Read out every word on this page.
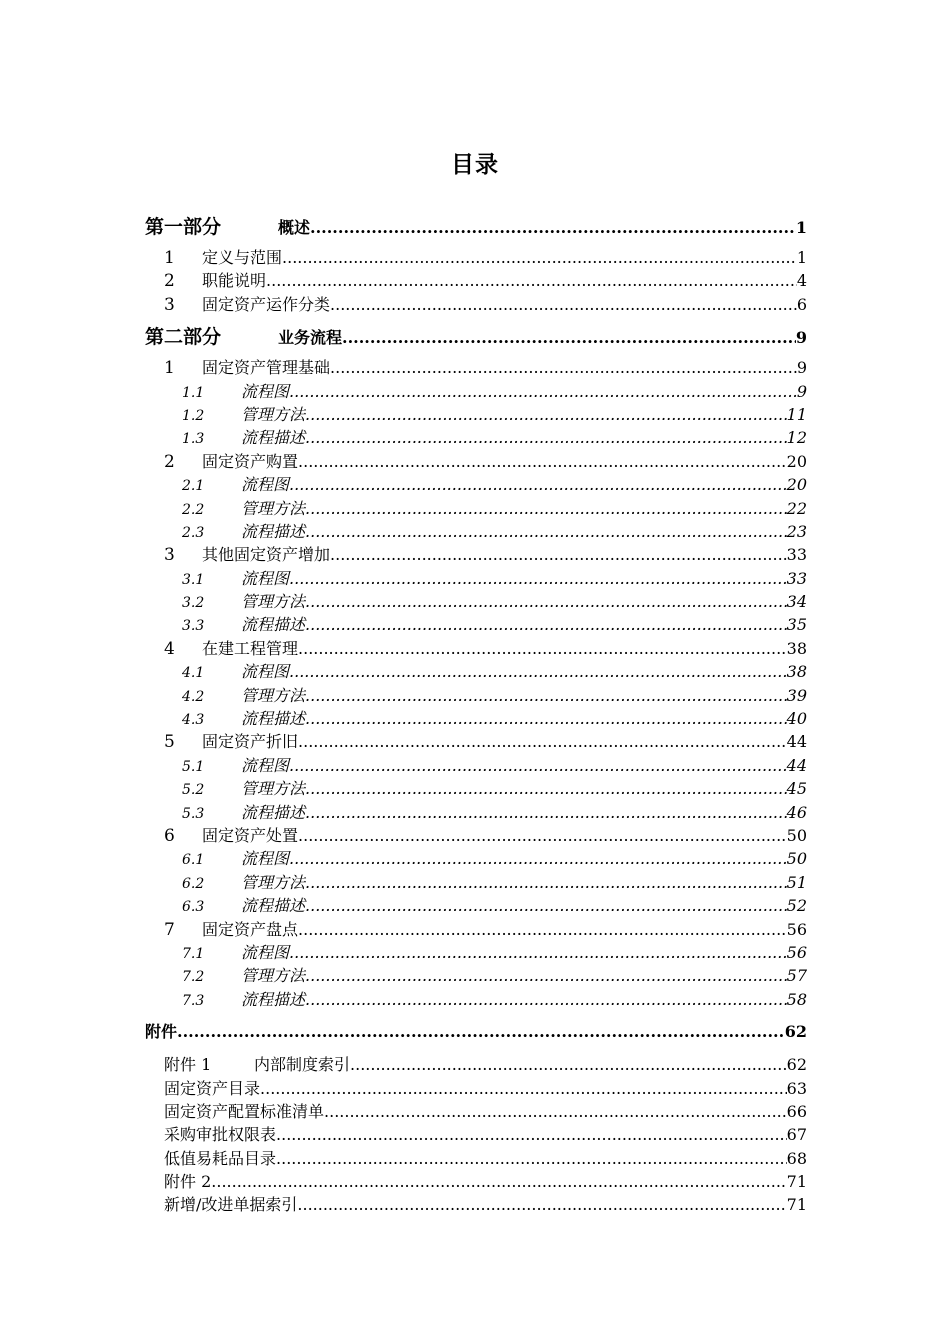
目录
第一部分	概述 .....	1
1	定义与范围 .....	1
2	职能说明 .....	4
3	固定资产运作分类 .....	6
第二部分	业务流程 .....	9
1	固定资产管理基础 .....	9
1.1	流程图 .....	9
1.2	管理方法 .....	11
1.3	流程描述 .....	12
2	固定资产购置 .....	20
2.1	流程图 .....	20
2.2	管理方法 .....	22
2.3	流程描述 .....	23
3	其他固定资产增加 .....	33
3.1	流程图 .....	33
3.2	管理方法 .....	34
3.3	流程描述 .....	35
4	在建工程管理 .....	38
4.1	流程图 .....	38
4.2	管理方法 .....	39
4.3	流程描述 .....	40
5	固定资产折旧 .....	44
5.1	流程图 .....	44
5.2	管理方法 .....	45
5.3	流程描述 .....	46
6	固定资产处置 .....	50
6.1	流程图 .....	50
6.2	管理方法 .....	51
6.3	流程描述 .....	52
7	固定资产盘点 .....	56
7.1	流程图 .....	56
7.2	管理方法 .....	57
7.3	流程描述 .....	58
附件 .....	62
附件 1	内部制度索引 .....	62
固定资产目录 .....	63
固定资产配置标准清单 .....	66
采购审批权限表 .....	67
低值易耗品目录 .....	68
附件 2 .....	71
新增/改进单据索引 .....	71
